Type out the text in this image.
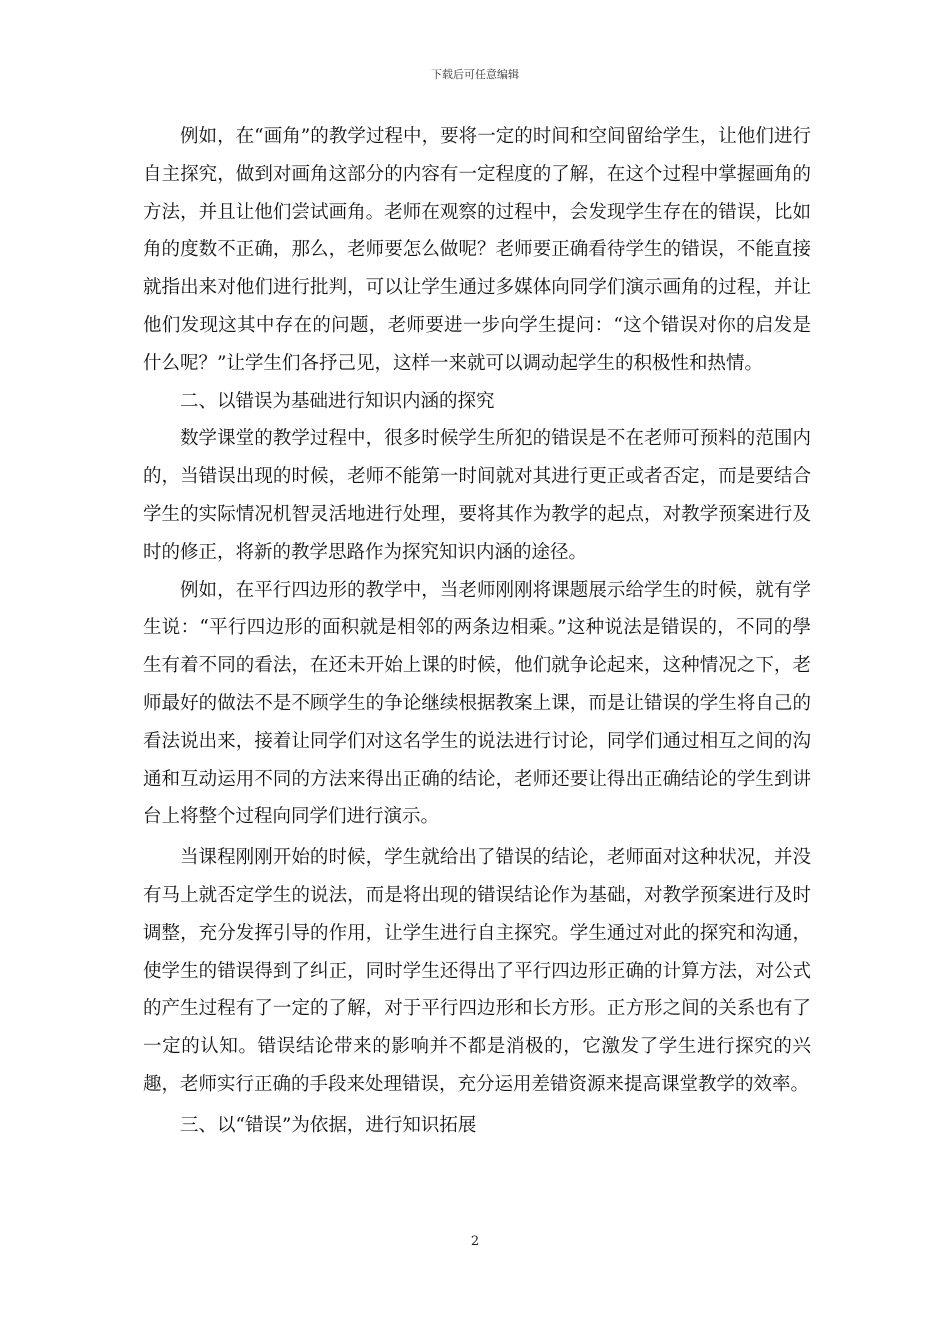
下载后可任意编辑

例如，在“画角”的教学过程中，要将一定的时间和空间留给学生，让他们进行自主探究，做到对画角这部分的内容有一定程度的了解，在这个过程中掌握画角的方法，并且让他们尝试画角。老师在观察的过程中，会发现学生存在的错误，比如角的度数不正确，那么，老师要怎么做呢？老师要正确看待学生的错误，不能直接就指出来对他们进行批判，可以让学生通过多媒体向同学们演示画角的过程，并让他们发现这其中存在的问题，老师要进一步向学生提问：“这个错误对你的启发是什么呢？”让学生们各抒己见，这样一来就可以调动起学生的积极性和热情。

二、以错误为基础进行知识内涵的探究

数学课堂的教学过程中，很多时候学生所犯的错误是不在老师可预料的范围内的，当错误出现的时候，老师不能第一时间就对其进行更正或者否定，而是要结合学生的实际情况机智灵活地进行处理，要将其作为教学的起点，对教学预案进行及时的修正，将新的教学思路作为探究知识内涵的途径。

例如，在平行四边形的教学中，当老师刚刚将课题展示给学生的时候，就有学生说：“平行四边形的面积就是相邻的两条边相乘。”这种说法是错误的，不同的學生有着不同的看法，在还未开始上课的时候，他们就争论起来，这种情况之下，老师最好的做法不是不顾学生的争论继续根据教案上课，而是让错误的学生将自己的看法说出来，接着让同学们对这名学生的说法进行讨论，同学们通过相互之间的沟通和互动运用不同的方法来得出正确的结论，老师还要让得出正确结论的学生到讲台上将整个过程向同学们进行演示。

当课程刚刚开始的时候，学生就给出了错误的结论，老师面对这种状况，并没有马上就否定学生的说法，而是将出现的错误结论作为基础，对教学预案进行及时调整，充分发挥引导的作用，让学生进行自主探究。学生通过对此的探究和沟通，使学生的错误得到了纠正，同时学生还得出了平行四边形正确的计算方法，对公式的产生过程有了一定的了解，对于平行四边形和长方形。正方形之间的关系也有了一定的认知。错误结论带来的影响并不都是消极的，它激发了学生进行探究的兴趣，老师实行正确的手段来处理错误，充分运用差错资源来提高课堂教学的效率。

三、以“错误”为依据，进行知识拓展

2
